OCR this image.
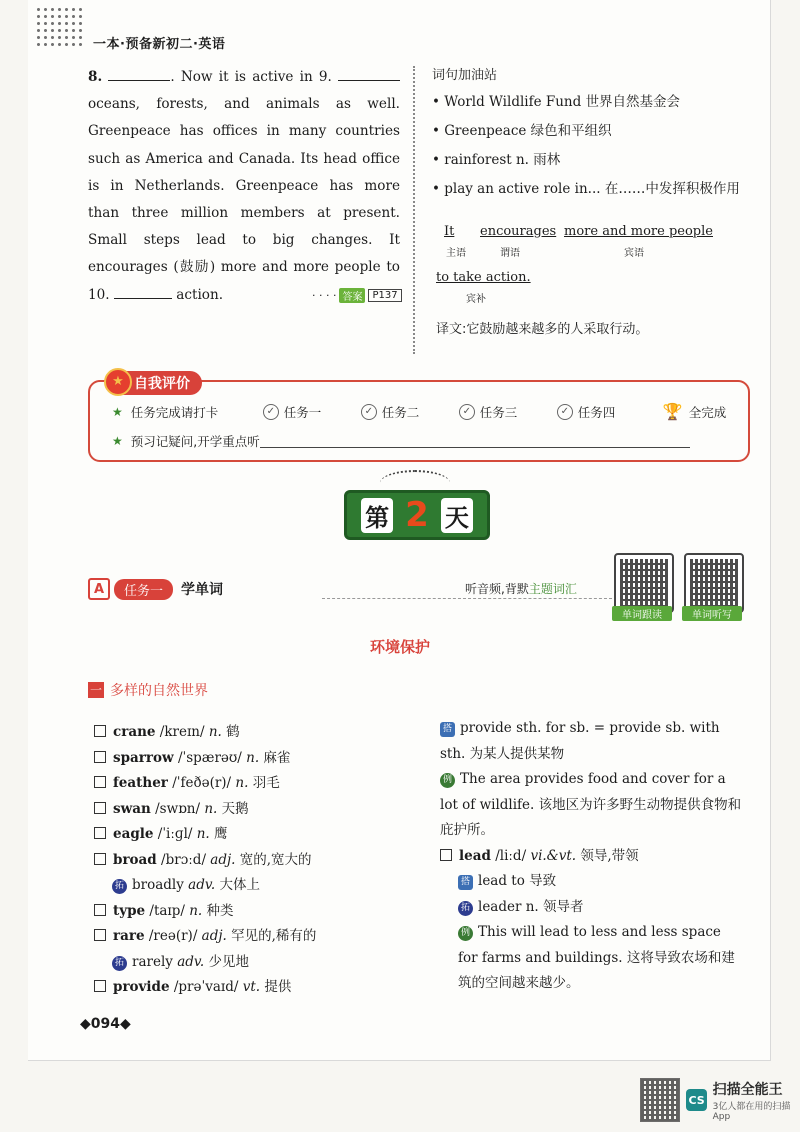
一本·预备新初二·英语
8.	. Now it is active in 9.  oceans, forests, and animals as well. Greenpeace has offices in many countries such as America and Canada. Its head office is in Netherlands. Greenpeace has more than three million members at present. Small steps lead to big changes. It encourages (鼓励) more and more people to 10.	action.	· · · · 答案	P137
词句加油站
• World Wildlife Fund 世界自然基金会
• Greenpeace 绿色和平组织
• rainforest n. 雨林
• play an active role in... 在……中发挥积极作用
It
主语
encourages
谓语
more and more people
宾语
to take action.
宾补
译文:它鼓励越来越多的人采取行动。
★ 自我评价
★ 任务完成请打卡	✓ 任务一	✓ 任务二	✓ 任务三	✓ 任务四	🏆 全完成
★ 预习记疑问,开学重点听
第 2 天
A	任务一	学单词	听音频,背默主题词汇
单词跟读	单词听写
环境保护
一 多样的自然世界
crane /kreɪn/ n. 鹤
sparrow /ˈspærəʊ/ n. 麻雀
feather /ˈfeðə(r)/ n. 羽毛
swan /swɒn/ n. 天鹅
eagle /ˈiːɡl/ n. 鹰
broad /brɔːd/ adj. 宽的,宽大的
拓 broadly adv. 大体上
type /taɪp/ n. 种类
rare /reə(r)/ adj. 罕见的,稀有的
拓 rarely adv. 少见地
provide /prəˈvaɪd/ vt. 提供
搭 provide sth. for sb. = provide sb. with sth. 为某人提供某物
例 The area provides food and cover for a lot of wildlife. 该地区为许多野生动物提供食物和庇护所。
lead /liːd/ vi.&vt. 领导,带领
搭 lead to 导致
拓 leader n. 领导者
例 This will lead to less and less space for farms and buildings. 这将导致农场和建筑的空间越来越少。
◆094◆
CS
扫描全能王
3亿人都在用的扫描App
